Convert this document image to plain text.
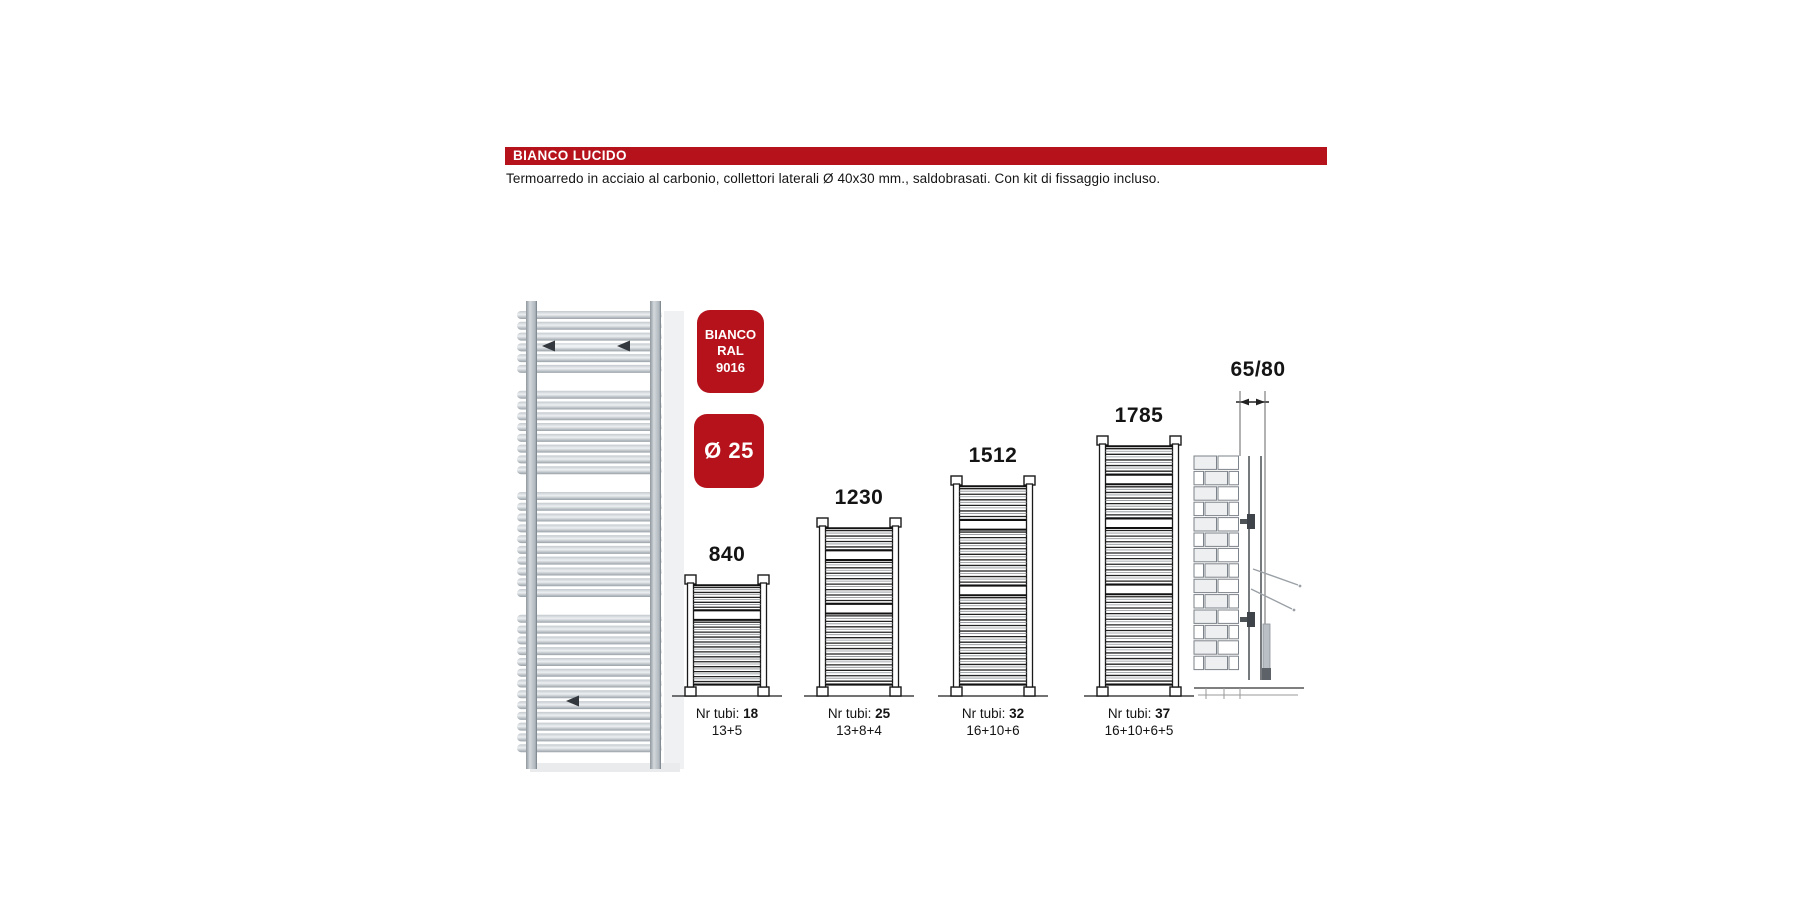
BIANCO LUCIDO
Termoarredo in acciaio al carbonio, collettori laterali Ø 40x30 mm., saldobrasati. Con kit di fissaggio incluso.
BIANCO
RAL
9016
Ø 25
840
Nr tubi: 18
13+5
1230
Nr tubi: 25
13+8+4
1512
Nr tubi: 32
16+10+6
1785
Nr tubi: 37
16+10+6+5
65/80
